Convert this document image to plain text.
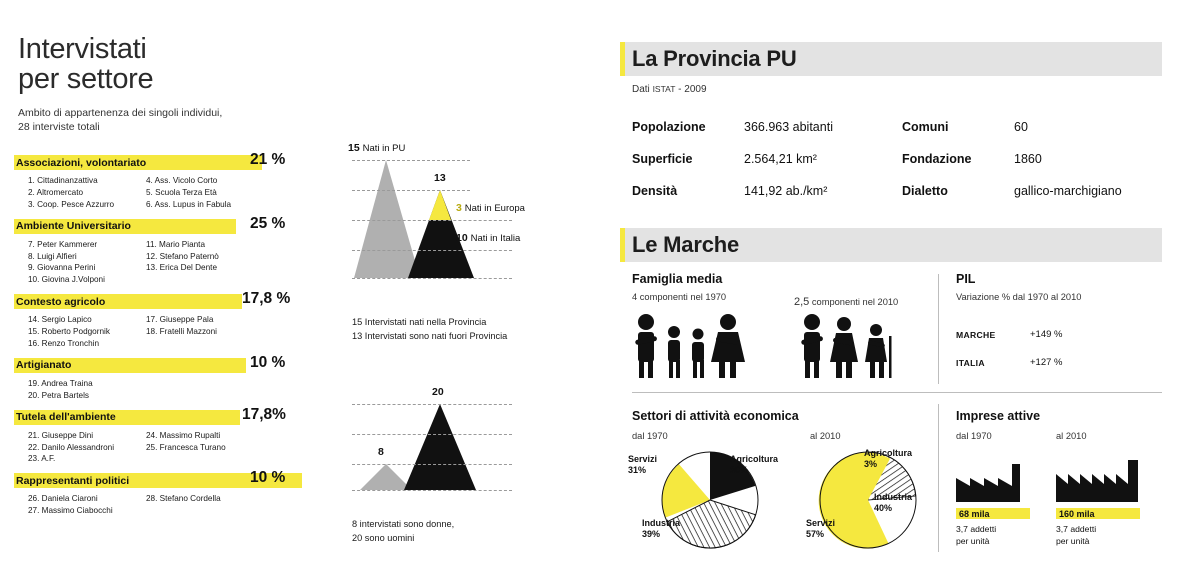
Intervistati
per settore
Ambito di appartenenza dei singoli individui,
28 interviste totali
Associazioni, volontariato	21 %
1. Cittadinanzattiva
2. Altromercato
3. Coop. Pesce Azzurro
4. Ass. Vicolo Corto
5. Scuola Terza Età
6. Ass. Lupus in Fabula
Ambiente Universitario	25 %
7. Peter Kammerer
8. Luigi Alfieri
9. Giovanna Perini
10. Giovina J.Volponi
11. Mario Pianta
12. Stefano Paternò
13. Erica Del Dente
Contesto agricolo	17,8 %
14. Sergio Lapico
15. Roberto Podgornik
16. Renzo Tronchin
17. Giuseppe Pala
18. Fratelli Mazzoni
Artigianato	10 %
19. Andrea Traina
20. Petra Bartels
Tutela dell'ambiente	17,8%
21. Giuseppe Dini
22. Danilo Alessandroni
23. A.F.
24. Massimo Rupalti
25. Francesca Turano
Rappresentanti politici	10 %
26. Daniela Ciaroni
27. Massimo Ciabocchi
28. Stefano Cordella
15 Nati in PU
13
3 Nati in Europa
10 Nati in Italia
15 Intervistati nati nella Provincia
13 Intervistati sono nati fuori Provincia
8
20
8 intervistati sono donne,
20 sono uomini
La Provincia PU
Dati ISTAT - 2009
Popolazione	366.963 abitanti
Superficie	2.564,21 km²
Densità	141,92 ab./km²
Comuni	60
Fondazione	1860
Dialetto	gallico-marchigiano
Le Marche
Famiglia media
4 componenti nel 1970	2,5 componenti nel 2010
PIL
Variazione % dal 1970 al 2010
MARCHE	+149 %
ITALIA	+127 %
Settori di attività economica
dal 1970	al 2010
Servizi
31%
Agricoltura
30%
Industria
39%
Agricoltura
3%
Industria
40%
Servizi
57%
Imprese attive
dal 1970	al 2010
68 mila
3,7 addetti
per unità
160 mila
3,7 addetti
per unità
